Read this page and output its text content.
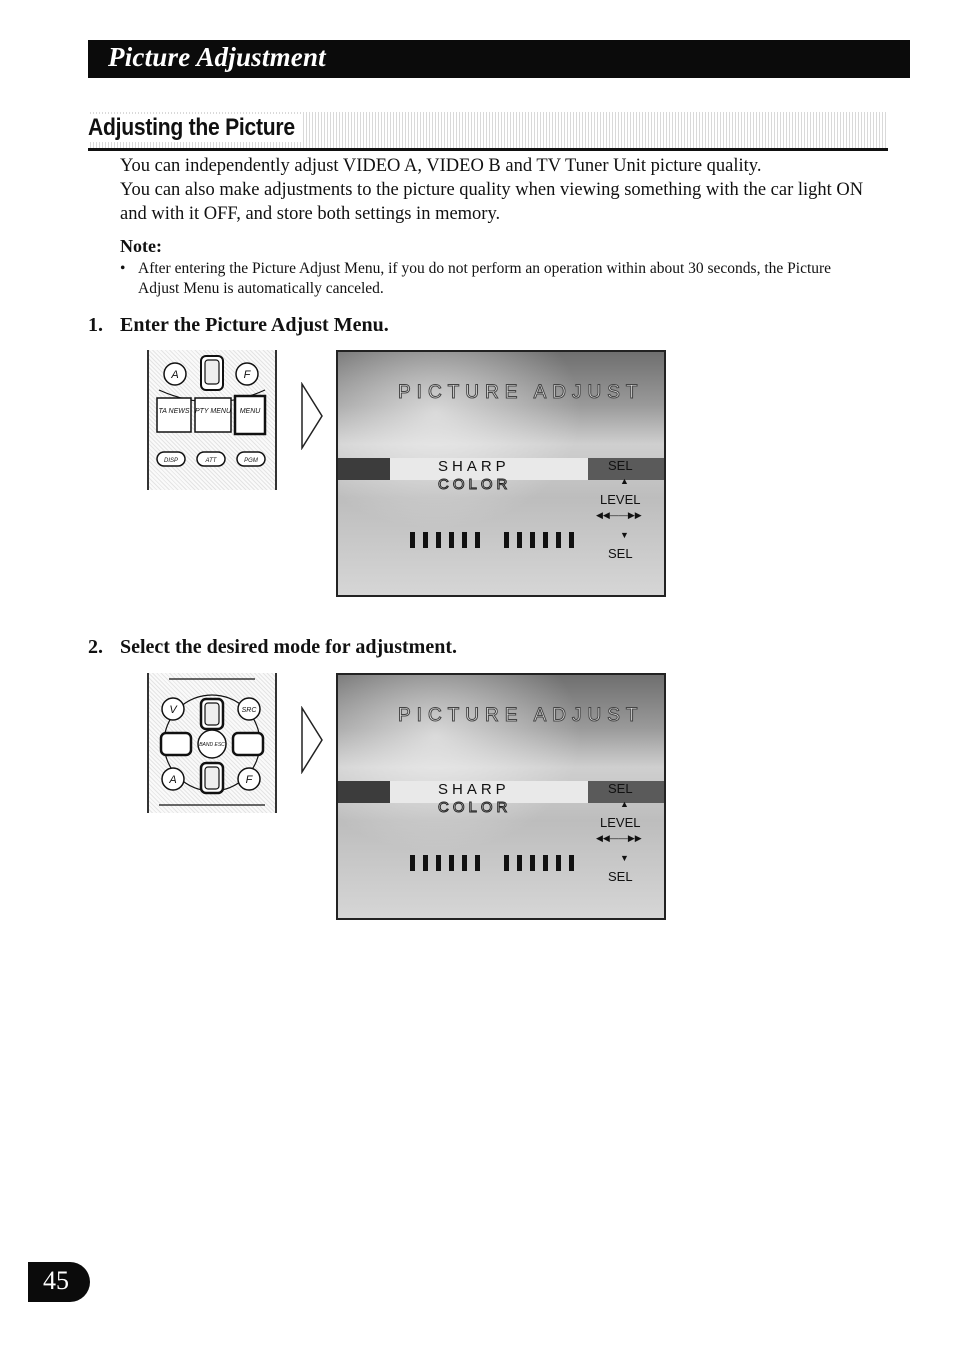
Picture Adjustment
Adjusting the Picture
You can independently adjust VIDEO A, VIDEO B and TV Tuner Unit picture quality.
You can also make adjustments to the picture quality when viewing something with the car light ON and with it OFF, and store both settings in memory.
Note:
• After entering the Picture Adjust Menu, if you do not perform an operation within about 30 seconds, the Picture Adjust Menu is automatically canceled.
1. Enter the Picture Adjust Menu.
A	F
TA NEWS PTY MENU MENU
DISP	ATT	PGM
PICTURE ADJUST
SHARP
COLOR
SEL
▲
LEVEL
◀◀——▶▶
▼
SEL
2. Select the desired mode for adjustment.
V	SRC
BAND ESC
A	F
PICTURE ADJUST
SHARP
COLOR
SEL
▲
LEVEL
◀◀——▶▶
▼
SEL
45
